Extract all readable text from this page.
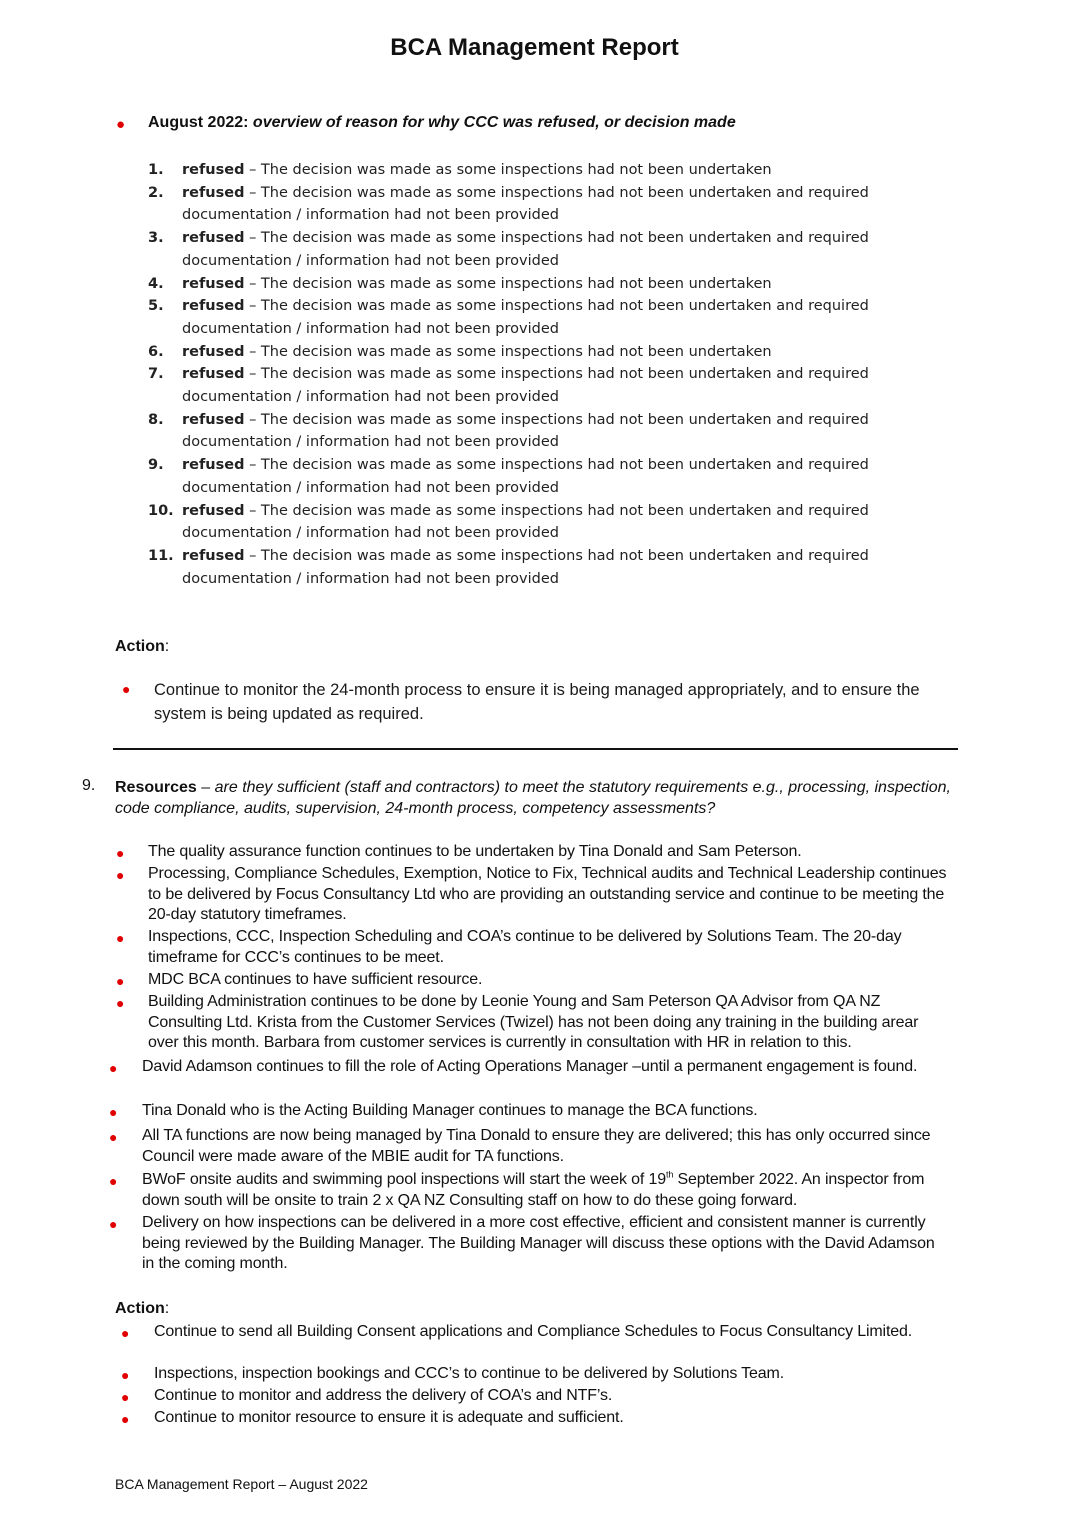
BCA Management Report
● August 2022: overview of reason for why CCC was refused, or decision made
1. refused – The decision was made as some inspections had not been undertaken
2. refused – The decision was made as some inspections had not been undertaken and required documentation / information had not been provided
3. refused – The decision was made as some inspections had not been undertaken and required documentation / information had not been provided
4. refused – The decision was made as some inspections had not been undertaken
5. refused – The decision was made as some inspections had not been undertaken and required documentation / information had not been provided
6. refused – The decision was made as some inspections had not been undertaken
7. refused – The decision was made as some inspections had not been undertaken and required documentation / information had not been provided
8. refused – The decision was made as some inspections had not been undertaken and required documentation / information had not been provided
9. refused – The decision was made as some inspections had not been undertaken and required documentation / information had not been provided
10. refused – The decision was made as some inspections had not been undertaken and required documentation / information had not been provided
11. refused – The decision was made as some inspections had not been undertaken and required documentation / information had not been provided
Action:
● Continue to monitor the 24-month process to ensure it is being managed appropriately, and to ensure the system is being updated as required.
9. Resources – are they sufficient (staff and contractors) to meet the statutory requirements e.g., processing, inspection, code compliance, audits, supervision, 24-month process, competency assessments?
● The quality assurance function continues to be undertaken by Tina Donald and Sam Peterson.
● Processing, Compliance Schedules, Exemption, Notice to Fix, Technical audits and Technical Leadership continues to be delivered by Focus Consultancy Ltd who are providing an outstanding service and continue to be meeting the 20-day statutory timeframes.
● Inspections, CCC, Inspection Scheduling and COA’s continue to be delivered by Solutions Team. The 20-day timeframe for CCC’s continues to be meet.
● MDC BCA continues to have sufficient resource.
● Building Administration continues to be done by Leonie Young and Sam Peterson QA Advisor from QA NZ Consulting Ltd. Krista from the Customer Services (Twizel) has not been doing any training in the building arear over this month. Barbara from customer services is currently in consultation with HR in relation to this.
● David Adamson continues to fill the role of Acting Operations Manager –until a permanent engagement is found.
● Tina Donald who is the Acting Building Manager continues to manage the BCA functions.
● All TA functions are now being managed by Tina Donald to ensure they are delivered; this has only occurred since Council were made aware of the MBIE audit for TA functions.
● BWoF onsite audits and swimming pool inspections will start the week of 19th September 2022. An inspector from down south will be onsite to train 2 x QA NZ Consulting staff on how to do these going forward.
● Delivery on how inspections can be delivered in a more cost effective, efficient and consistent manner is currently being reviewed by the Building Manager. The Building Manager will discuss these options with the David Adamson in the coming month.
Action:
● Continue to send all Building Consent applications and Compliance Schedules to Focus Consultancy Limited.
● Inspections, inspection bookings and CCC’s to continue to be delivered by Solutions Team.
● Continue to monitor and address the delivery of COA’s and NTF’s.
● Continue to monitor resource to ensure it is adequate and sufficient.
BCA Management Report – August 2022
